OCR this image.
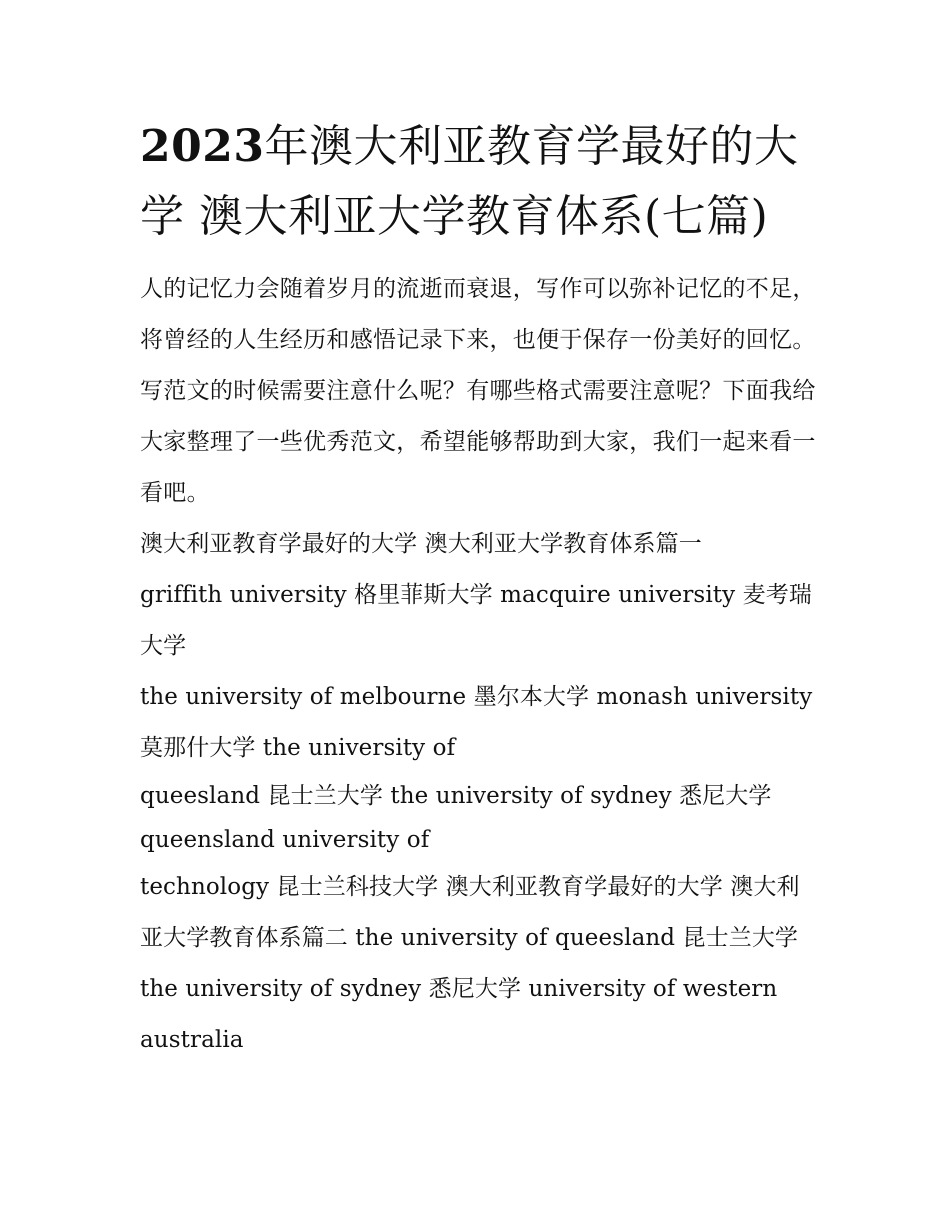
2023年澳大利亚教育学最好的大学 澳大利亚大学教育体系(七篇)

人的记忆力会随着岁月的流逝而衰退，写作可以弥补记忆的不足，将曾经的人生经历和感悟记录下来，也便于保存一份美好的回忆。写范文的时候需要注意什么呢？有哪些格式需要注意呢？下面我给大家整理了一些优秀范文，希望能够帮助到大家，我们一起来看一看吧。

澳大利亚教育学最好的大学 澳大利亚大学教育体系篇一

griffith university 格里菲斯大学 macquire university 麦考瑞大学

the university of melbourne 墨尔本大学 monash university 莫那什大学 the university of

queesland 昆士兰大学 the university of sydney 悉尼大学

queensland university of

technology 昆士兰科技大学 澳大利亚教育学最好的大学 澳大利亚大学教育体系篇二 the university of queesland 昆士兰大学 the university of sydney 悉尼大学 university of western australia
